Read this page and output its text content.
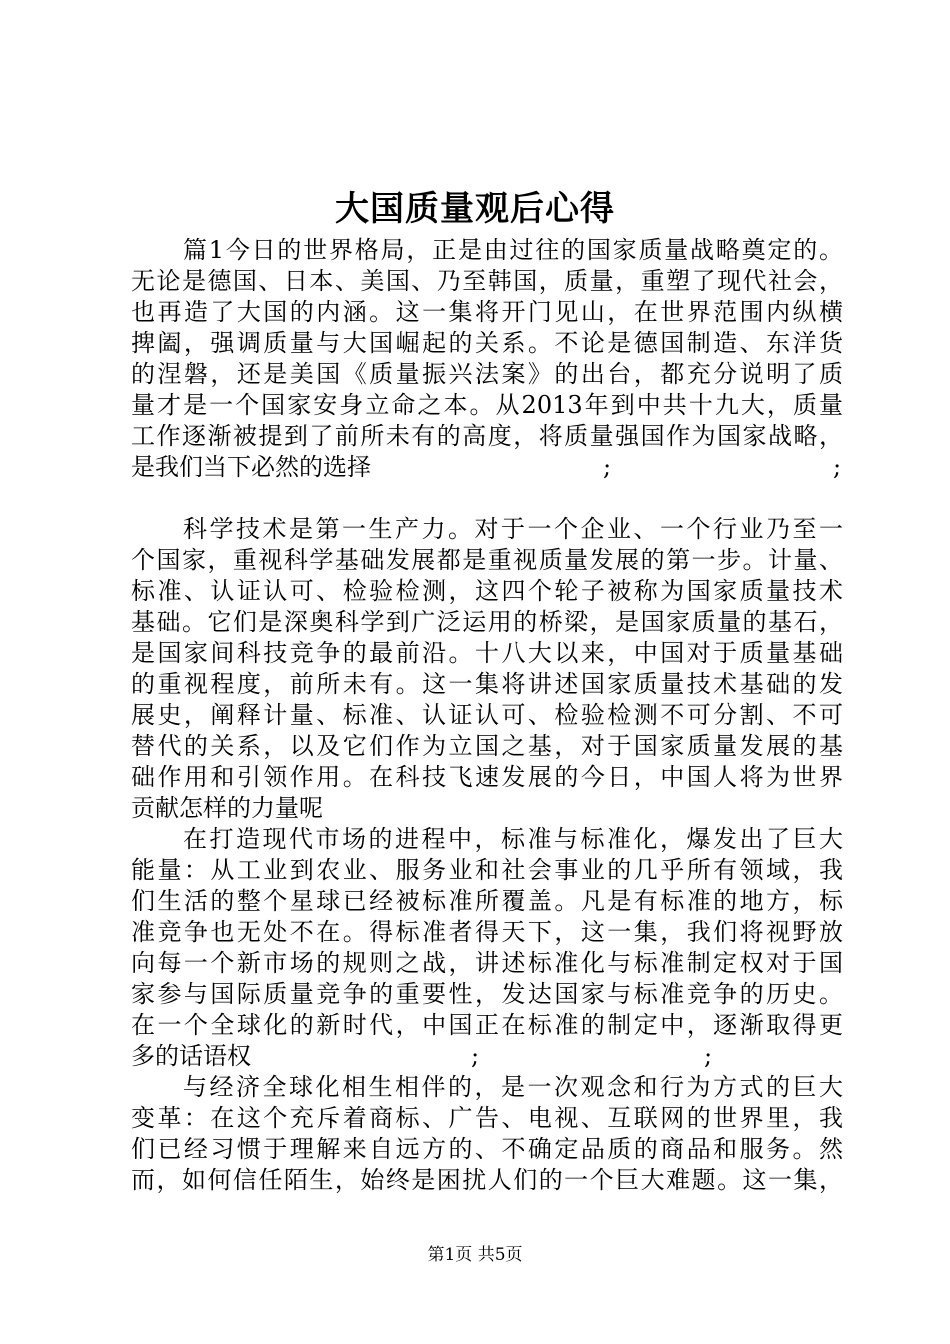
大国质量观后心得
篇1今日的世界格局，正是由过往的国家质量战略奠定的。
无论是德国、日本、美国、乃至韩国，质量，重塑了现代社会，
也再造了大国的内涵。这一集将开门见山，在世界范围内纵横
捭阖，强调质量与大国崛起的关系。不论是德国制造、东洋货
的涅磐，还是美国《质量振兴法案》的出台，都充分说明了质
量才是一个国家安身立命之本。从2013年到中共十九大，质量
工作逐渐被提到了前所未有的高度，将质量强国作为国家战略，
是我们当下必然的选择	;	;
科学技术是第一生产力。对于一个企业、一个行业乃至一
个国家，重视科学基础发展都是重视质量发展的第一步。计量、
标准、认证认可、检验检测，这四个轮子被称为国家质量技术
基础。它们是深奥科学到广泛运用的桥梁，是国家质量的基石，
是国家间科技竞争的最前沿。十八大以来，中国对于质量基础
的重视程度，前所未有。这一集将讲述国家质量技术基础的发
展史，阐释计量、标准、认证认可、检验检测不可分割、不可
替代的关系，以及它们作为立国之基，对于国家质量发展的基
础作用和引领作用。在科技飞速发展的今日，中国人将为世界
贡献怎样的力量呢
在打造现代市场的进程中，标准与标准化，爆发出了巨大
能量：从工业到农业、服务业和社会事业的几乎所有领域，我
们生活的整个星球已经被标准所覆盖。凡是有标准的地方，标
准竞争也无处不在。得标准者得天下，这一集，我们将视野放
向每一个新市场的规则之战，讲述标准化与标准制定权对于国
家参与国际质量竞争的重要性，发达国家与标准竞争的历史。
在一个全球化的新时代，中国正在标准的制定中，逐渐取得更
多的话语权	;	;
与经济全球化相生相伴的，是一次观念和行为方式的巨大
变革：在这个充斥着商标、广告、电视、互联网的世界里，我
们已经习惯于理解来自远方的、不确定品质的商品和服务。然
而，如何信任陌生，始终是困扰人们的一个巨大难题。这一集，
第1页 共5页
